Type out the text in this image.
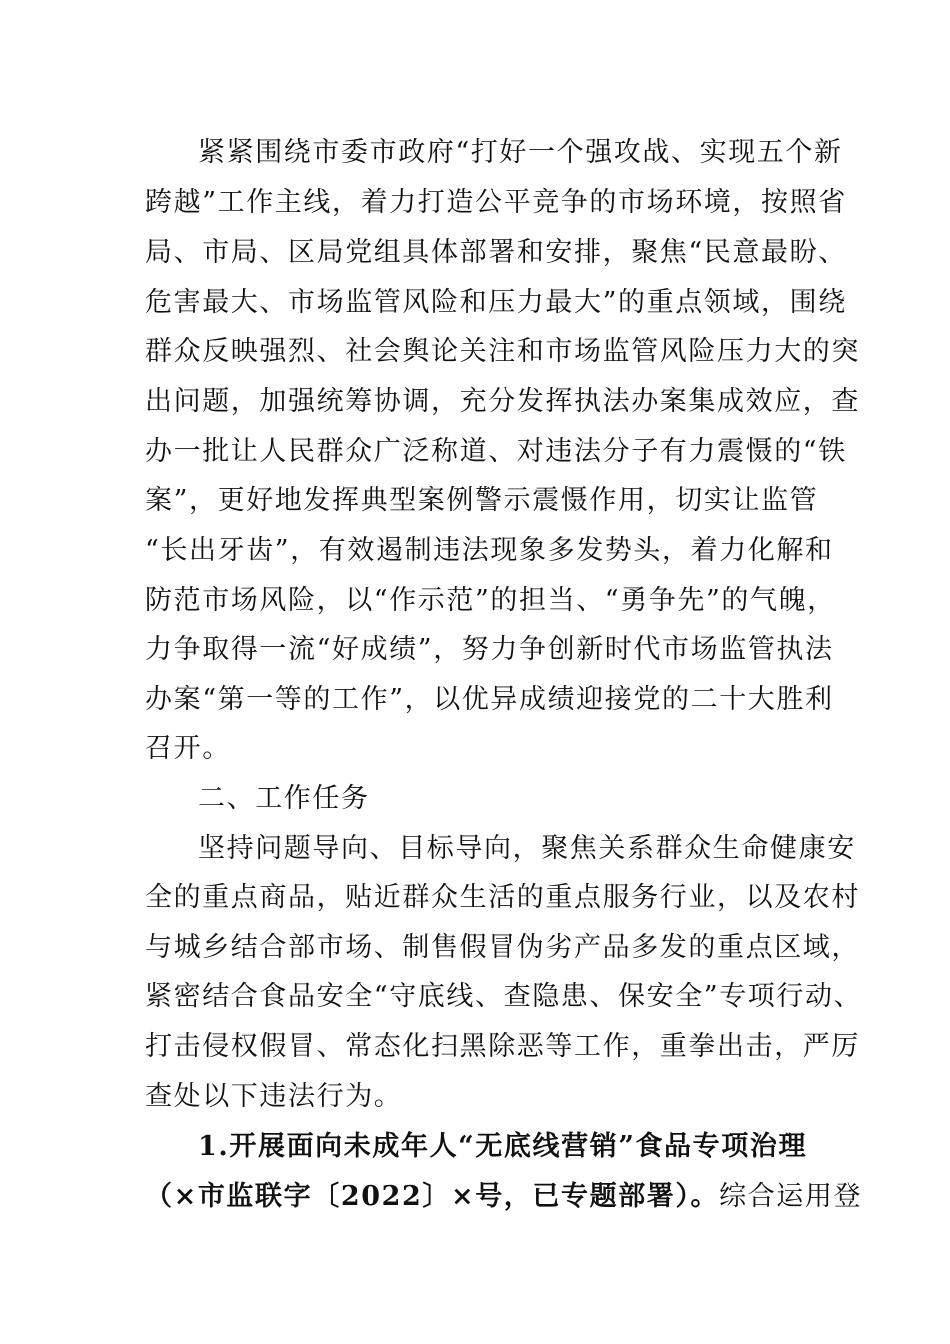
紧紧围绕市委市政府“打好一个强攻战、实现五个新
跨越”工作主线，着力打造公平竞争的市场环境，按照省
局、市局、区局党组具体部署和安排，聚焦“民意最盼、
危害最大、市场监管风险和压力最大”的重点领域，围绕
群众反映强烈、社会舆论关注和市场监管风险压力大的突
出问题，加强统筹协调，充分发挥执法办案集成效应，查
办一批让人民群众广泛称道、对违法分子有力震慑的“铁
案”，更好地发挥典型案例警示震慑作用，切实让监管
“长出牙齿”，有效遏制违法现象多发势头，着力化解和
防范市场风险，以“作示范”的担当、“勇争先”的气魄，
力争取得一流“好成绩”，努力争创新时代市场监管执法
办案“第一等的工作”，以优异成绩迎接党的二十大胜利
召开。
二、工作任务
坚持问题导向、目标导向，聚焦关系群众生命健康安
全的重点商品，贴近群众生活的重点服务行业，以及农村
与城乡结合部市场、制售假冒伪劣产品多发的重点区域，
紧密结合食品安全“守底线、查隐患、保安全”专项行动、
打击侵权假冒、常态化扫黑除恶等工作，重拳出击，严厉
查处以下违法行为。
1.开展面向未成年人“无底线营销”食品专项治理
（×市监联字〔2022〕×号，已专题部署）。综合运用登
